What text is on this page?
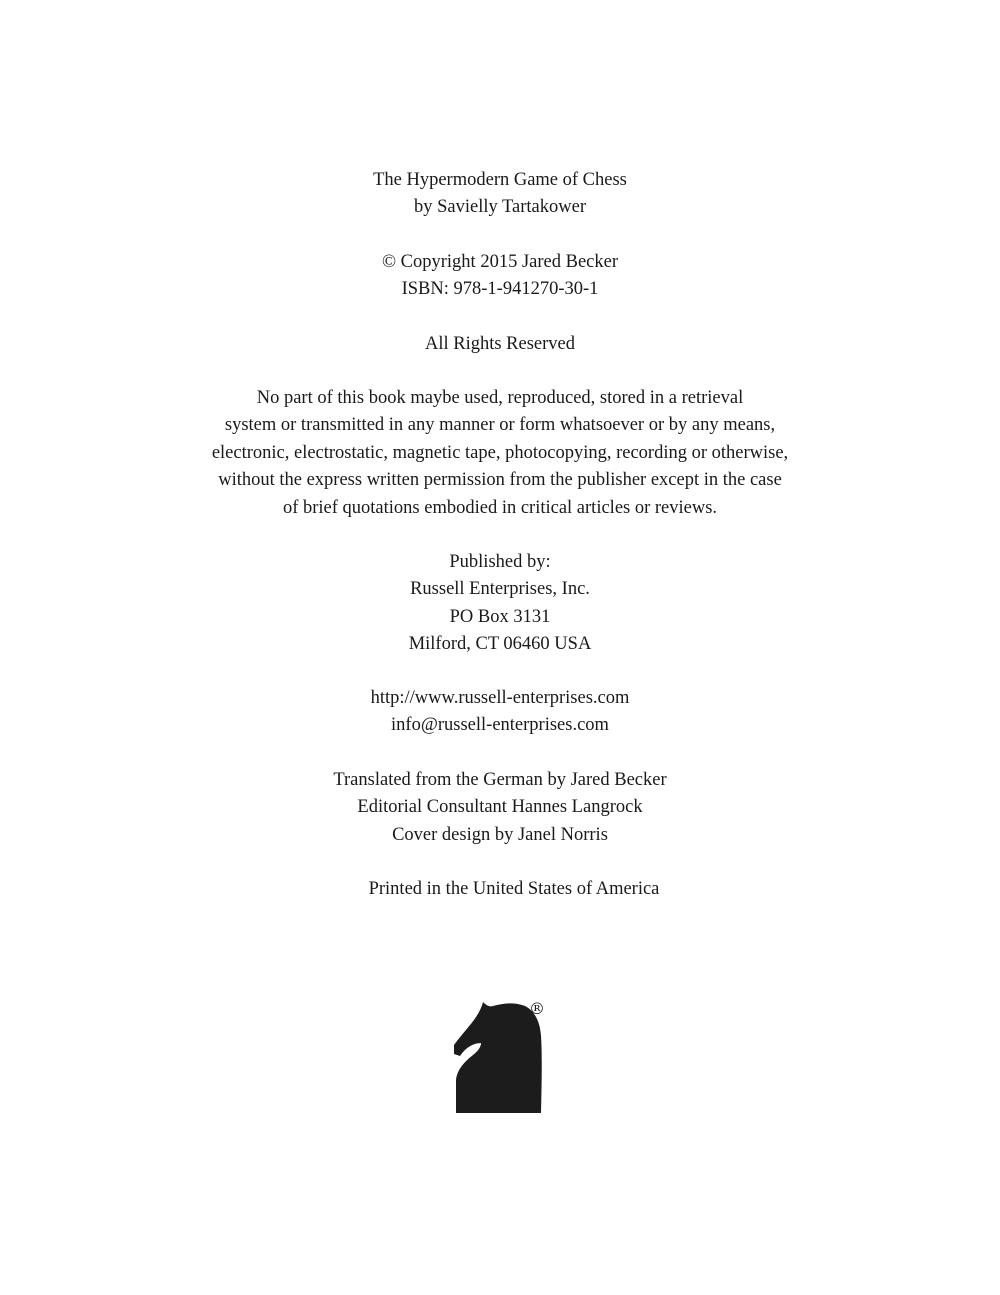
The Hypermodern Game of Chess
by Savielly Tartakower
© Copyright 2015 Jared Becker
ISBN: 978-1-941270-30-1
All Rights Reserved
No part of this book maybe used, reproduced, stored in a retrieval
system or transmitted in any manner or form whatsoever or by any means,
electronic, electrostatic, magnetic tape, photocopying, recording or otherwise,
without the express written permission from the publisher except in the case
of brief quotations embodied in critical articles or reviews.
Published by:
Russell Enterprises, Inc.
PO Box 3131
Milford, CT 06460 USA
http://www.russell-enterprises.com
info@russell-enterprises.com
Translated from the German by Jared Becker
Editorial Consultant Hannes Langrock
Cover design by Janel Norris
Printed in the United States of America
®
